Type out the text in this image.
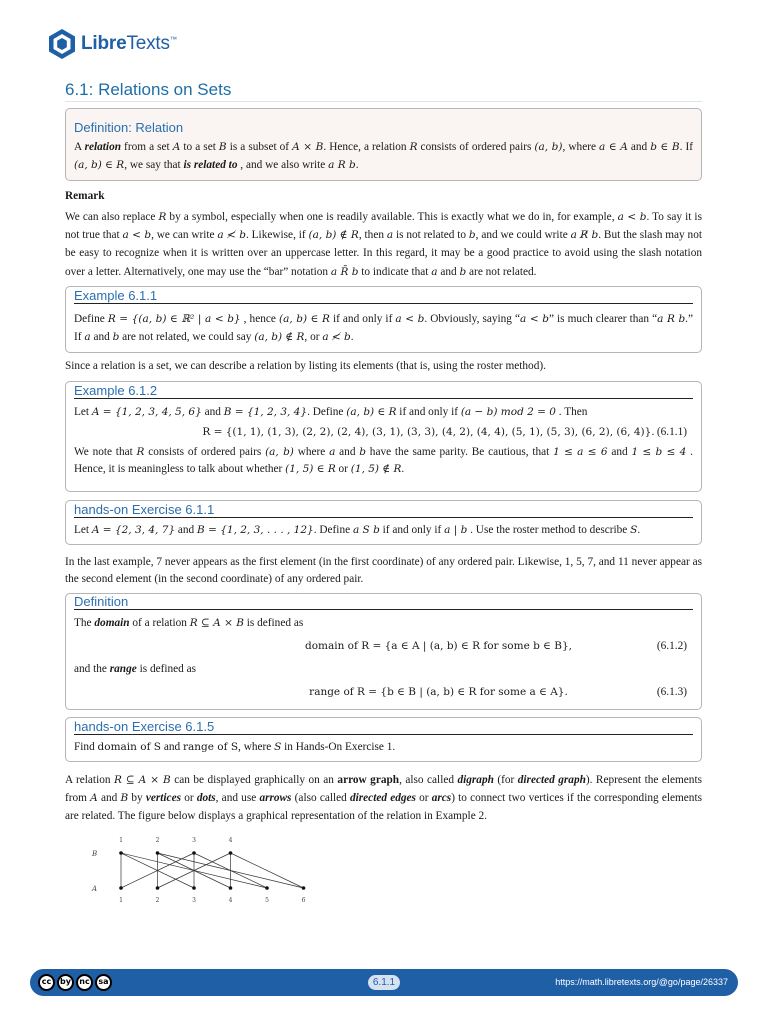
LibreTexts™
6.1: Relations on Sets
Definition: Relation
A relation from a set A to a set B is a subset of A × B. Hence, a relation R consists of ordered pairs (a, b), where a ∈ A and b ∈ B. If (a, b) ∈ R, we say that is related to , and we also write a R b.
Remark
We can also replace R by a symbol, especially when one is readily available. This is exactly what we do in, for example, a < b. To say it is not true that a < b, we can write a ≮ b. Likewise, if (a, b) ∉ R, then a is not related to b, and we could write a R̸ b. But the slash may not be easy to recognize when it is written over an uppercase letter. In this regard, it may be a good practice to avoid using the slash notation over a letter. Alternatively, one may use the “bar” notation a R̄ b to indicate that a and b are not related.
Example 6.1.1
Define R = {(a, b) ∈ ℝ² | a < b} , hence (a, b) ∈ R if and only if a < b. Obviously, saying “a < b” is much clearer than “a R b.” If a and b are not related, we could say (a, b) ∉ R, or a ≮ b.
Since a relation is a set, we can describe a relation by listing its elements (that is, using the roster method).
Example 6.1.2
Let A = {1, 2, 3, 4, 5, 6} and B = {1, 2, 3, 4}. Define (a, b) ∈ R if and only if (a − b) mod 2 = 0 . Then
R = {(1, 1), (1, 3), (2, 2), (2, 4), (3, 1), (3, 3), (4, 2), (4, 4), (5, 1), (5, 3), (6, 2), (6, 4)}. (6.1.1)
We note that R consists of ordered pairs (a, b) where a and b have the same parity. Be cautious, that 1 ≤ a ≤ 6 and 1 ≤ b ≤ 4 . Hence, it is meaningless to talk about whether (1, 5) ∈ R or (1, 5) ∉ R.
hands-on Exercise 6.1.1
Let A = {2, 3, 4, 7} and B = {1, 2, 3, . . . , 12}. Define a S b if and only if a | b . Use the roster method to describe S.
In the last example, 7 never appears as the first element (in the first coordinate) of any ordered pair. Likewise, 1, 5, 7, and 11 never appear as the second element (in the second coordinate) of any ordered pair.
Definition
The domain of a relation R ⊆ A × B is defined as
domain of R = {a ∈ A | (a, b) ∈ R for some b ∈ B},	(6.1.2)
and the range is defined as
range of R = {b ∈ B | (a, b) ∈ R for some a ∈ A}.	(6.1.3)
hands-on Exercise 6.1.5
Find domain of S and range of S, where S in Hands-On Exercise 1.
A relation R ⊆ A × B can be displayed graphically on an arrow graph, also called digraph (for directed graph). Represent the elements from A and B by vertices or dots, and use arrows (also called directed edges or arcs) to connect two vertices if the corresponding elements are related. The figure below displays a graphical representation of the relation in Example 2.
B
A
1	2	3	4
1	2	3	4	5	6
cc	by	nc	sa	6.1.1	https://math.libretexts.org/@go/page/26337
